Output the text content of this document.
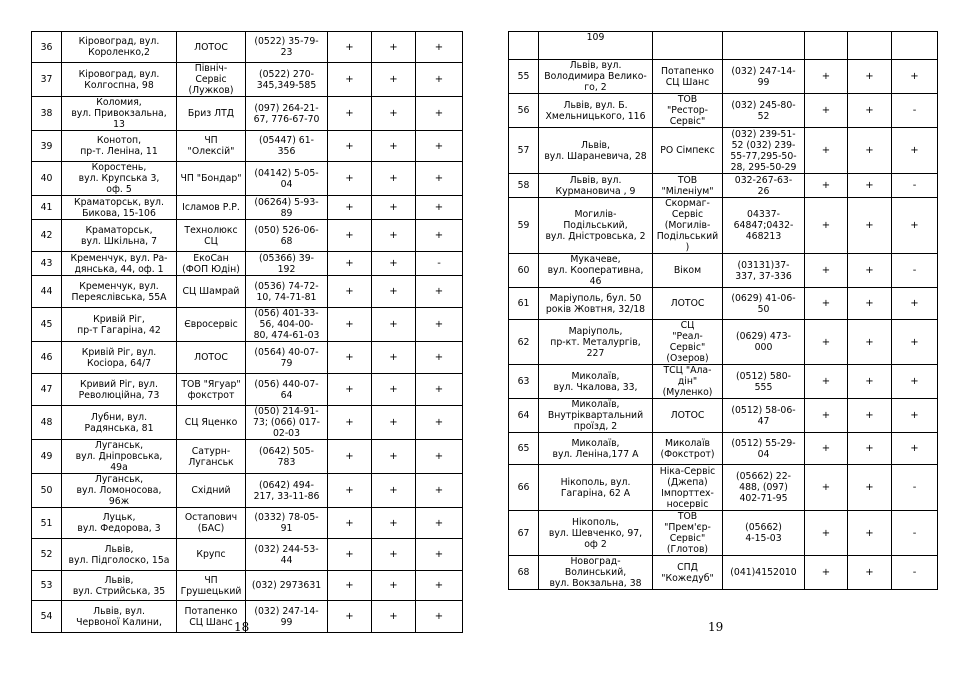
36	Кіровоград, вул.
Короленко,2	ЛОТОС	(0522) 35-79-
23	+	+	+
37	Кіровоград, вул.
Колгоспна, 98	Північ-
Сервіс
(Лужков)	(0522) 270-
345,349-585	+	+	+
38	Коломия,
вул. Привокзальна,
13	Бриз ЛТД	(097) 264-21-
67, 776-67-70	+	+	+
39	Конотоп,
пр-т. Леніна, 11	ЧП
"Олексій"	(05447) 61-
356	+	+	+
40	Коростень,
вул. Крупська 3,
оф. 5	ЧП "Бондар"	(04142) 5-05-
04	+	+	+
41	Краматорськ, вул.
Бикова, 15-106	Ісламов Р.Р.	(06264) 5-93-
89	+	+	+
42	Краматорськ,
вул. Шкільна, 7	Технолюкс
СЦ	(050) 526-06-
68	+	+	+
43	Кременчук, вул. Ра-
дянська, 44, оф. 1	ЕкоСан
(ФОП Юдін)	(05366) 39-
192	+	+	-
44	Кременчук, вул.
Переяслівська, 55А	СЦ Шамрай	(0536) 74-72-
10, 74-71-81	+	+	+
45	Кривій Ріг,
пр-т Гагаріна, 42	Євросервіс	(056) 401-33-
56, 404-00-
80, 474-61-03	+	+	+
46	Кривій Ріг, вул.
Косіора, 64/7	ЛОТОС	(0564) 40-07-
79	+	+	+
47	Кривий Ріг, вул.
Революційна, 73	ТОВ "Ягуар"
фокстрот	(056) 440-07-
64	+	+	+
48	Лубни, вул.
Радянська, 81	СЦ Яценко	(050) 214-91-
73; (066) 017-
02-03	+	+	+
49	Луганськ,
вул. Дніпровська,
49а	Сатурн-
Луганськ	(0642) 505-
783	+	+	+
50	Луганськ,
вул. Ломоносова,
96ж	Східний	(0642) 494-
217, 33-11-86	+	+	+
51	Луцьк,
вул. Федорова, 3	Остапович
(БАС)	(0332) 78-05-
91	+	+	+
52	Львів,
вул. Підголоско, 15а	Крупс	(032) 244-53-
44	+	+	+
53	Львів,
вул. Стрийська, 35	ЧП
Грушецький	(032) 2973631	+	+	+
54	Львів, вул.
Червоної Калини,	Потапенко
СЦ Шанс	(032) 247-14-
99	+	+	+
	109					
55	Львів, вул.
Володимира Велико-
го, 2	Потапенко
СЦ Шанс	(032) 247-14-
99	+	+	+
56	Львів, вул. Б.
Хмельницького, 116	ТОВ
"Рестор-
Сервіс"	(032) 245-80-
52	+	+	-
57	Львів,
вул. Шараневича, 28	РО Сімпекс	(032) 239-51-
52 (032) 239-
55-77,295-50-
28, 295-50-29	+	+	+
58	Львів, вул.
Курмановича , 9	ТОВ
"Міленіум"	032-267-63-
26	+	+	-
59	Могилів-
Подільський,
вул. Дністровська, 2	Скормаг-
Сервіс
(Могилів-
Подільський)	04337-
64847;0432-
468213	+	+	+
60	Мукачеве,
вул. Кооперативна,
46	Віком	(03131)37-
337, 37-336	+	+	-
61	Маріуполь, бул. 50
років Жовтня, 32/18	ЛОТОС	(0629) 41-06-
50	+	+	+
62	Маріуполь,
пр-кт. Металургів,
227	СЦ
"Реал-
Сервіс"
(Озеров)	(0629) 473-
000	+	+	+
63	Миколаїв,
вул. Чкалова, 33,	ТСЦ "Ала-
дін"
(Муленко)	(0512) 580-
555	+	+	+
64	Миколаїв,
Внутріквартальний
проїзд, 2	ЛОТОС	(0512) 58-06-
47	+	+	+
65	Миколаїв,
вул. Леніна,177 А	Миколаїв
(Фокстрот)	(0512) 55-29-
04	+	+	+
66	Нікополь, вул.
Гагаріна, 62 А	Ніка-Сервіс
(Джепа)
Імпорттех-
носервіс	(05662) 22-
488, (097)
402-71-95	+	+	-
67	Нікополь,
вул. Шевченко, 97,
оф 2	ТОВ
"Прем'єр-
Сервіс"
(Глотов)	(05662)
4-15-03	+	+	-
68	Новоград-
Волинський,
вул. Вокзальна, 38	СПД
"Кожедуб"	(041)4152010	+	+	-
18	19
